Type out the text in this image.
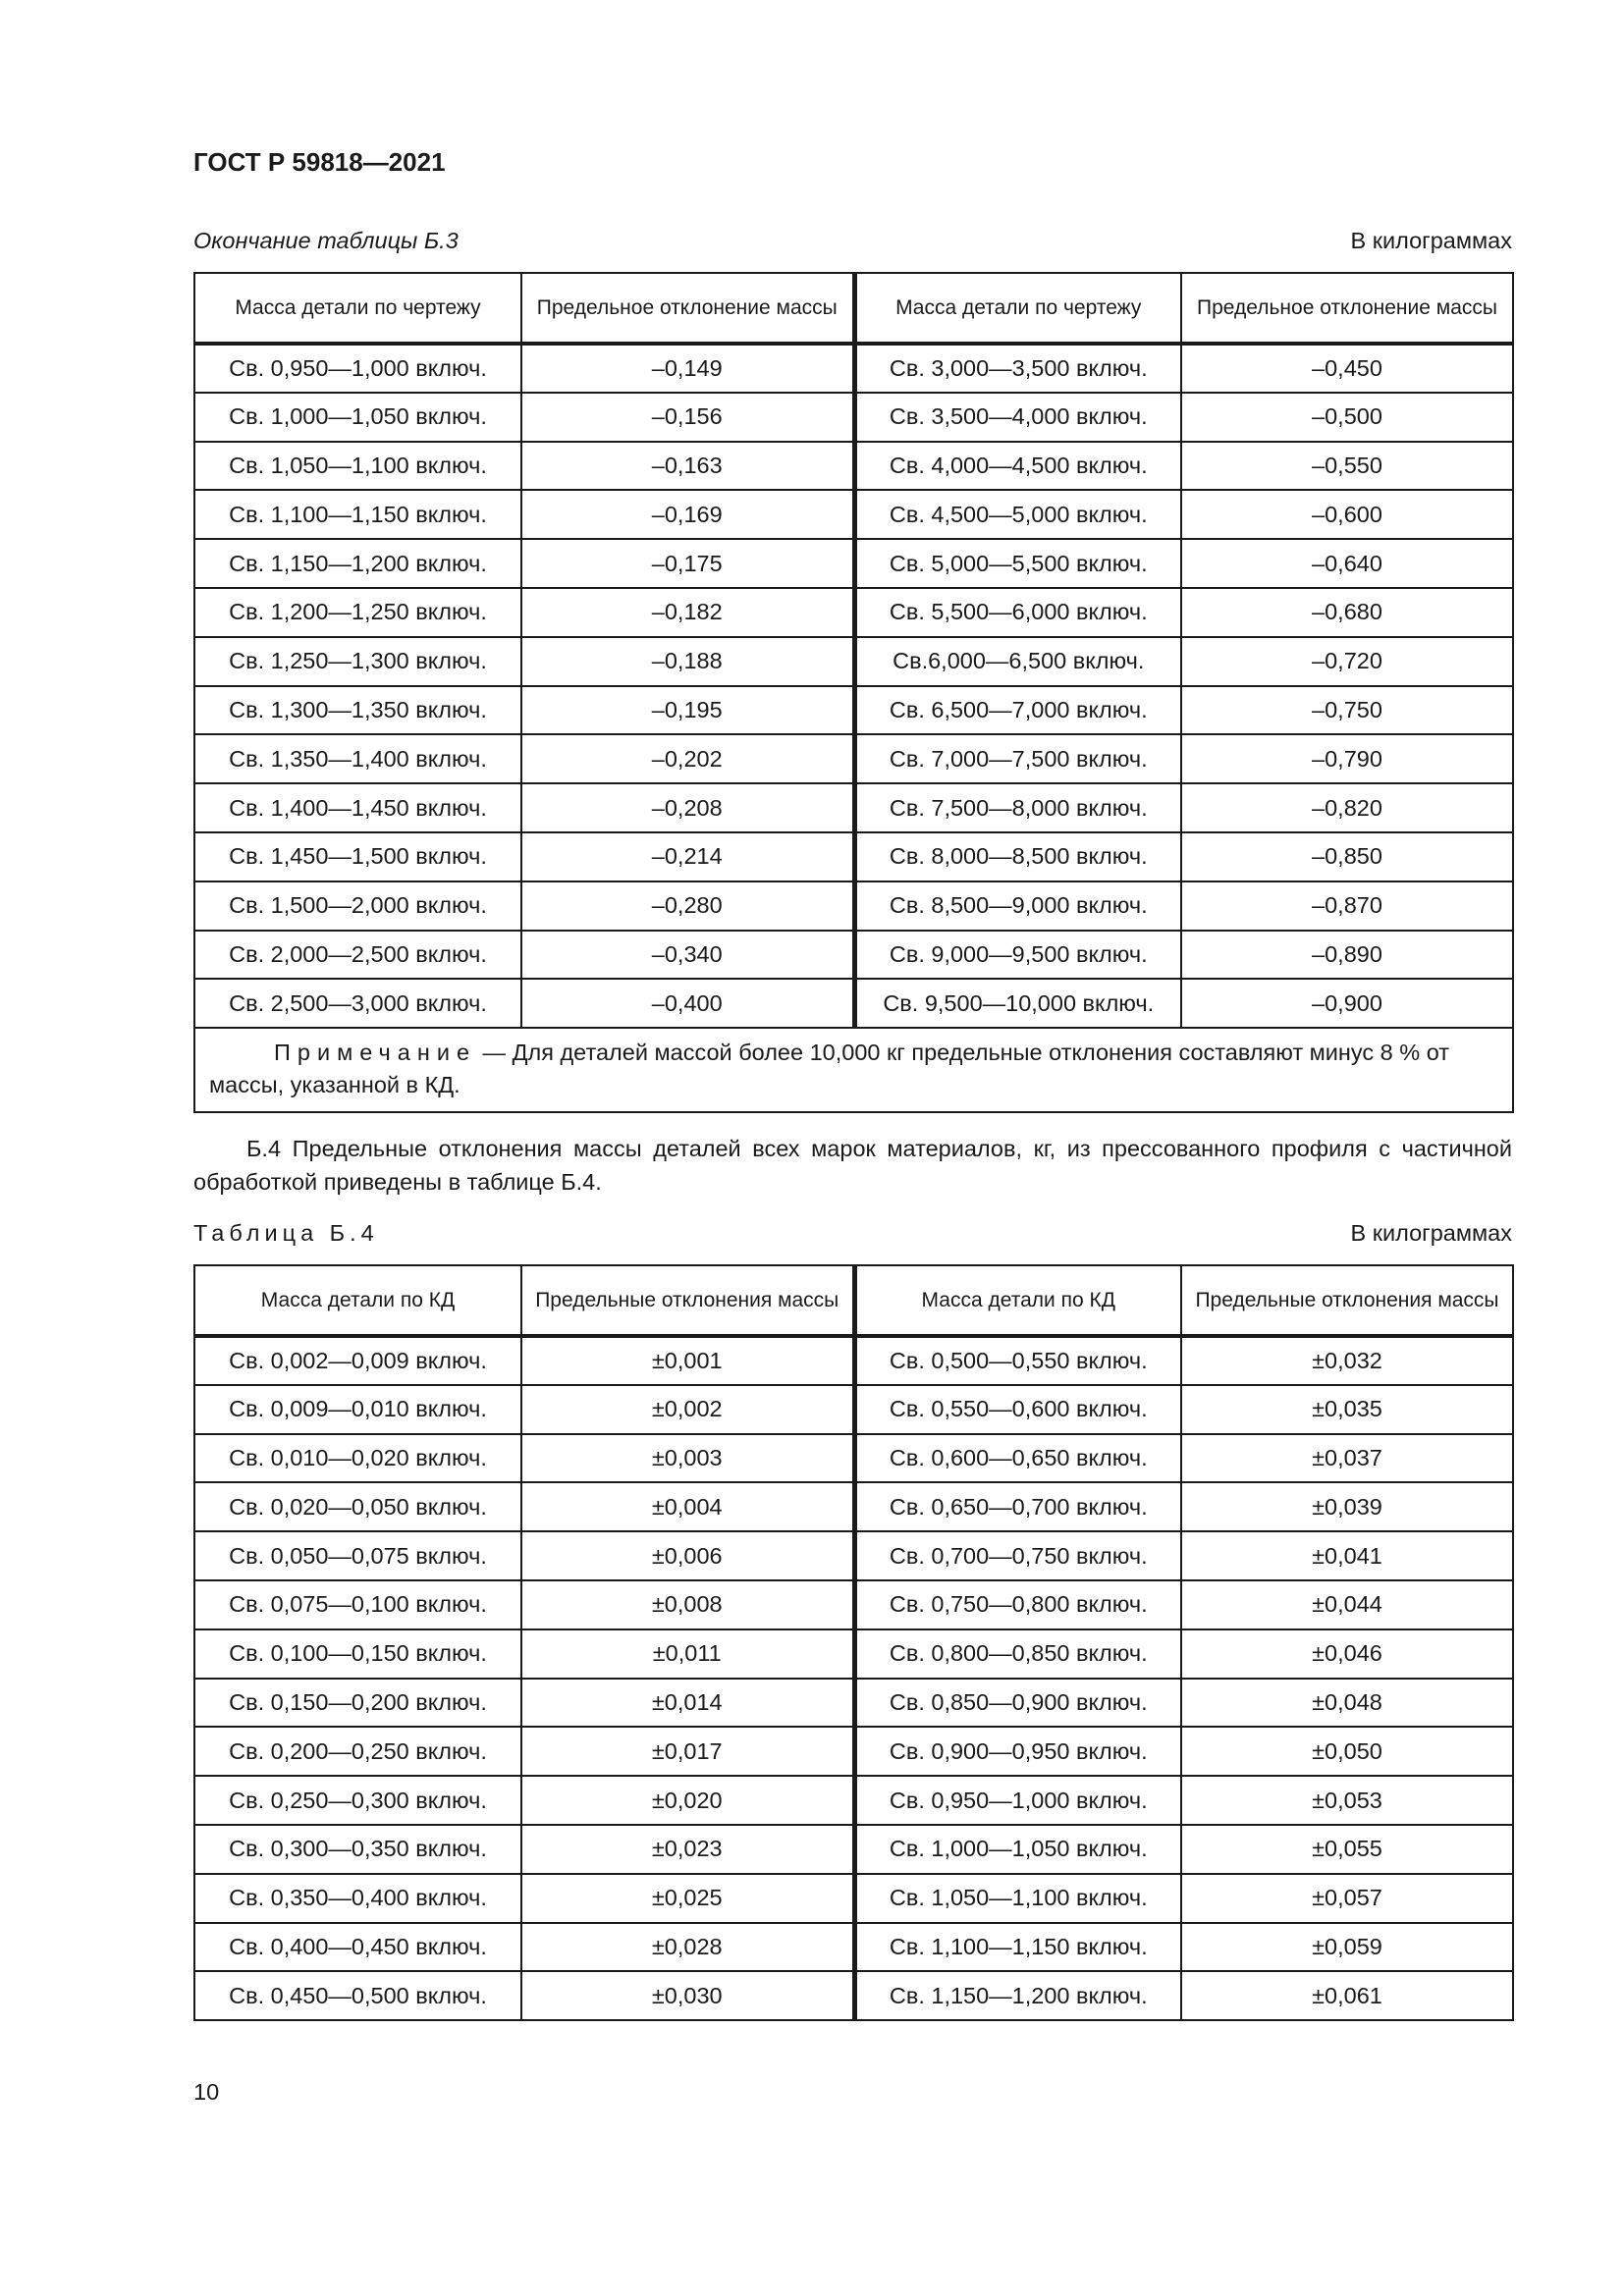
ГОСТ Р 59818—2021
Окончание таблицы Б.3	В килограммах
Масса детали по чертежу	Предельное отклонение массы	Масса детали по чертежу	Предельное отклонение массы
Св. 0,950—1,000 включ.	–0,149	Св. 3,000—3,500 включ.	–0,450
Св. 1,000—1,050 включ.	–0,156	Св. 3,500—4,000 включ.	–0,500
Св. 1,050—1,100 включ.	–0,163	Св. 4,000—4,500 включ.	–0,550
Св. 1,100—1,150 включ.	–0,169	Св. 4,500—5,000 включ.	–0,600
Св. 1,150—1,200 включ.	–0,175	Св. 5,000—5,500 включ.	–0,640
Св. 1,200—1,250 включ.	–0,182	Св. 5,500—6,000 включ.	–0,680
Св. 1,250—1,300 включ.	–0,188	Св.6,000—6,500 включ.	–0,720
Св. 1,300—1,350 включ.	–0,195	Св. 6,500—7,000 включ.	–0,750
Св. 1,350—1,400 включ.	–0,202	Св. 7,000—7,500 включ.	–0,790
Св. 1,400—1,450 включ.	–0,208	Св. 7,500—8,000 включ.	–0,820
Св. 1,450—1,500 включ.	–0,214	Св. 8,000—8,500 включ.	–0,850
Св. 1,500—2,000 включ.	–0,280	Св. 8,500—9,000 включ.	–0,870
Св. 2,000—2,500 включ.	–0,340	Св. 9,000—9,500 включ.	–0,890
Св. 2,500—3,000 включ.	–0,400	Св. 9,500—10,000 включ.	–0,900
Примечание — Для деталей массой более 10,000 кг предельные отклонения составляют минус 8 % от массы, указанной в КД.			
Б.4 Предельные отклонения массы деталей всех марок материалов, кг, из прессованного профиля с частичной обработкой приведены в таблице Б.4.
Таблица Б.4	В килограммах
Масса детали по КД	Предельные отклонения массы	Масса детали по КД	Предельные отклонения массы
Св. 0,002—0,009 включ.	±0,001	Св. 0,500—0,550 включ.	±0,032
Св. 0,009—0,010 включ.	±0,002	Св. 0,550—0,600 включ.	±0,035
Св. 0,010—0,020 включ.	±0,003	Св. 0,600—0,650 включ.	±0,037
Св. 0,020—0,050 включ.	±0,004	Св. 0,650—0,700 включ.	±0,039
Св. 0,050—0,075 включ.	±0,006	Св. 0,700—0,750 включ.	±0,041
Св. 0,075—0,100 включ.	±0,008	Св. 0,750—0,800 включ.	±0,044
Св. 0,100—0,150 включ.	±0,011	Св. 0,800—0,850 включ.	±0,046
Св. 0,150—0,200 включ.	±0,014	Св. 0,850—0,900 включ.	±0,048
Св. 0,200—0,250 включ.	±0,017	Св. 0,900—0,950 включ.	±0,050
Св. 0,250—0,300 включ.	±0,020	Св. 0,950—1,000 включ.	±0,053
Св. 0,300—0,350 включ.	±0,023	Св. 1,000—1,050 включ.	±0,055
Св. 0,350—0,400 включ.	±0,025	Св. 1,050—1,100 включ.	±0,057
Св. 0,400—0,450 включ.	±0,028	Св. 1,100—1,150 включ.	±0,059
Св. 0,450—0,500 включ.	±0,030	Св. 1,150—1,200 включ.	±0,061
10
